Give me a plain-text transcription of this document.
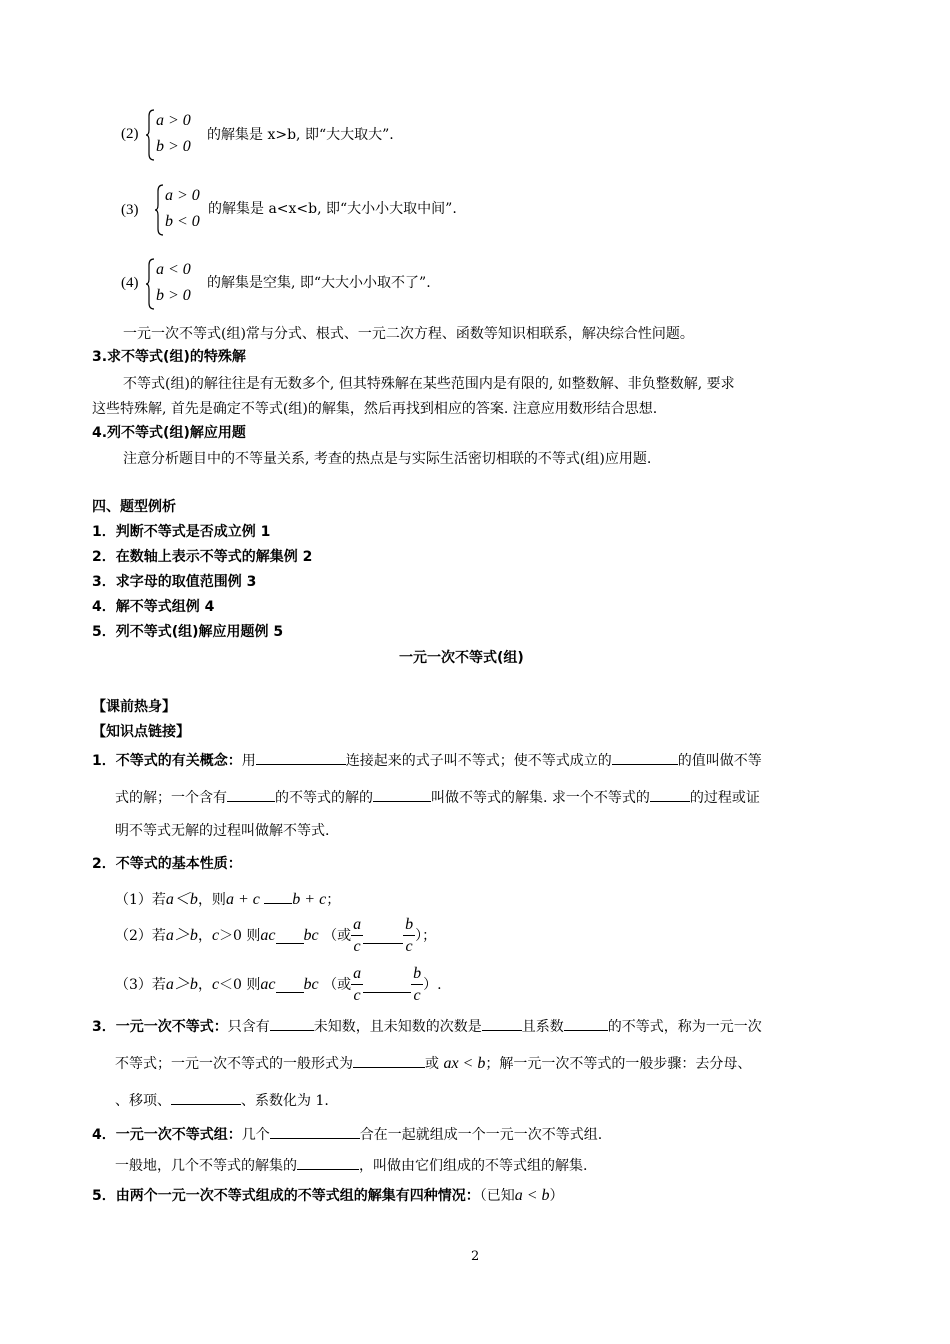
(2)
a > 0
b > 0
的解集是 x>b, 即“大大取大”.
(3)
a > 0
b < 0
的解集是 a<x<b, 即“大小小大取中间”.
(4)
a < 0
b > 0
的解集是空集, 即“大大小小取不了”.
一元一次不等式(组)常与分式、根式、一元二次方程、函数等知识相联系，解决综合性问题。
3.求不等式(组)的特殊解
不等式(组)的解往往是有无数多个, 但其特殊解在某些范围内是有限的, 如整数解、非负整数解, 要求
这些特殊解, 首先是确定不等式(组)的解集，然后再找到相应的答案. 注意应用数形结合思想.
4.列不等式(组)解应用题
注意分析题目中的不等量关系, 考查的热点是与实际生活密切相联的不等式(组)应用题.
四、题型例析
1．判断不等式是否成立例 1
2．在数轴上表示不等式的解集例 2
3．求字母的取值范围例 3
4．解不等式组例 4
5．列不等式(组)解应用题例 5
一元一次不等式(组)
【课前热身】
【知识点链接】
1．不等式的有关概念：用	连接起来的式子叫不等式；使不等式成立的	的值叫做不等
式的解；一个含有	的不等式的解的	叫做不等式的解集. 求一个不等式的	的过程或证
明不等式无解的过程叫做解不等式.
2．不等式的基本性质：
（1）若a＜b，则a + c b + c；
（2）若a＞b，c＞0 则ac bc （或 $\frac{a}{c}$	$\frac{b}{c}$ ）；
（3）若a＞b，c＜0 则ac bc （或 $\frac{a}{c}$	$\frac{b}{c}$ ）.
3．一元一次不等式：只含有	未知数，且未知数的次数是	且系数	的不等式，称为一元一次
不等式；一元一次不等式的一般形式为	或 ax < b；解一元一次不等式的一般步骤：去分母、
、移项、	、系数化为 1.
4．一元一次不等式组：几个	合在一起就组成一个一元一次不等式组.
一般地，几个不等式的解集的	，叫做由它们组成的不等式组的解集.
5．由两个一元一次不等式组成的不等式组的解集有四种情况：（已知a < b）
2
